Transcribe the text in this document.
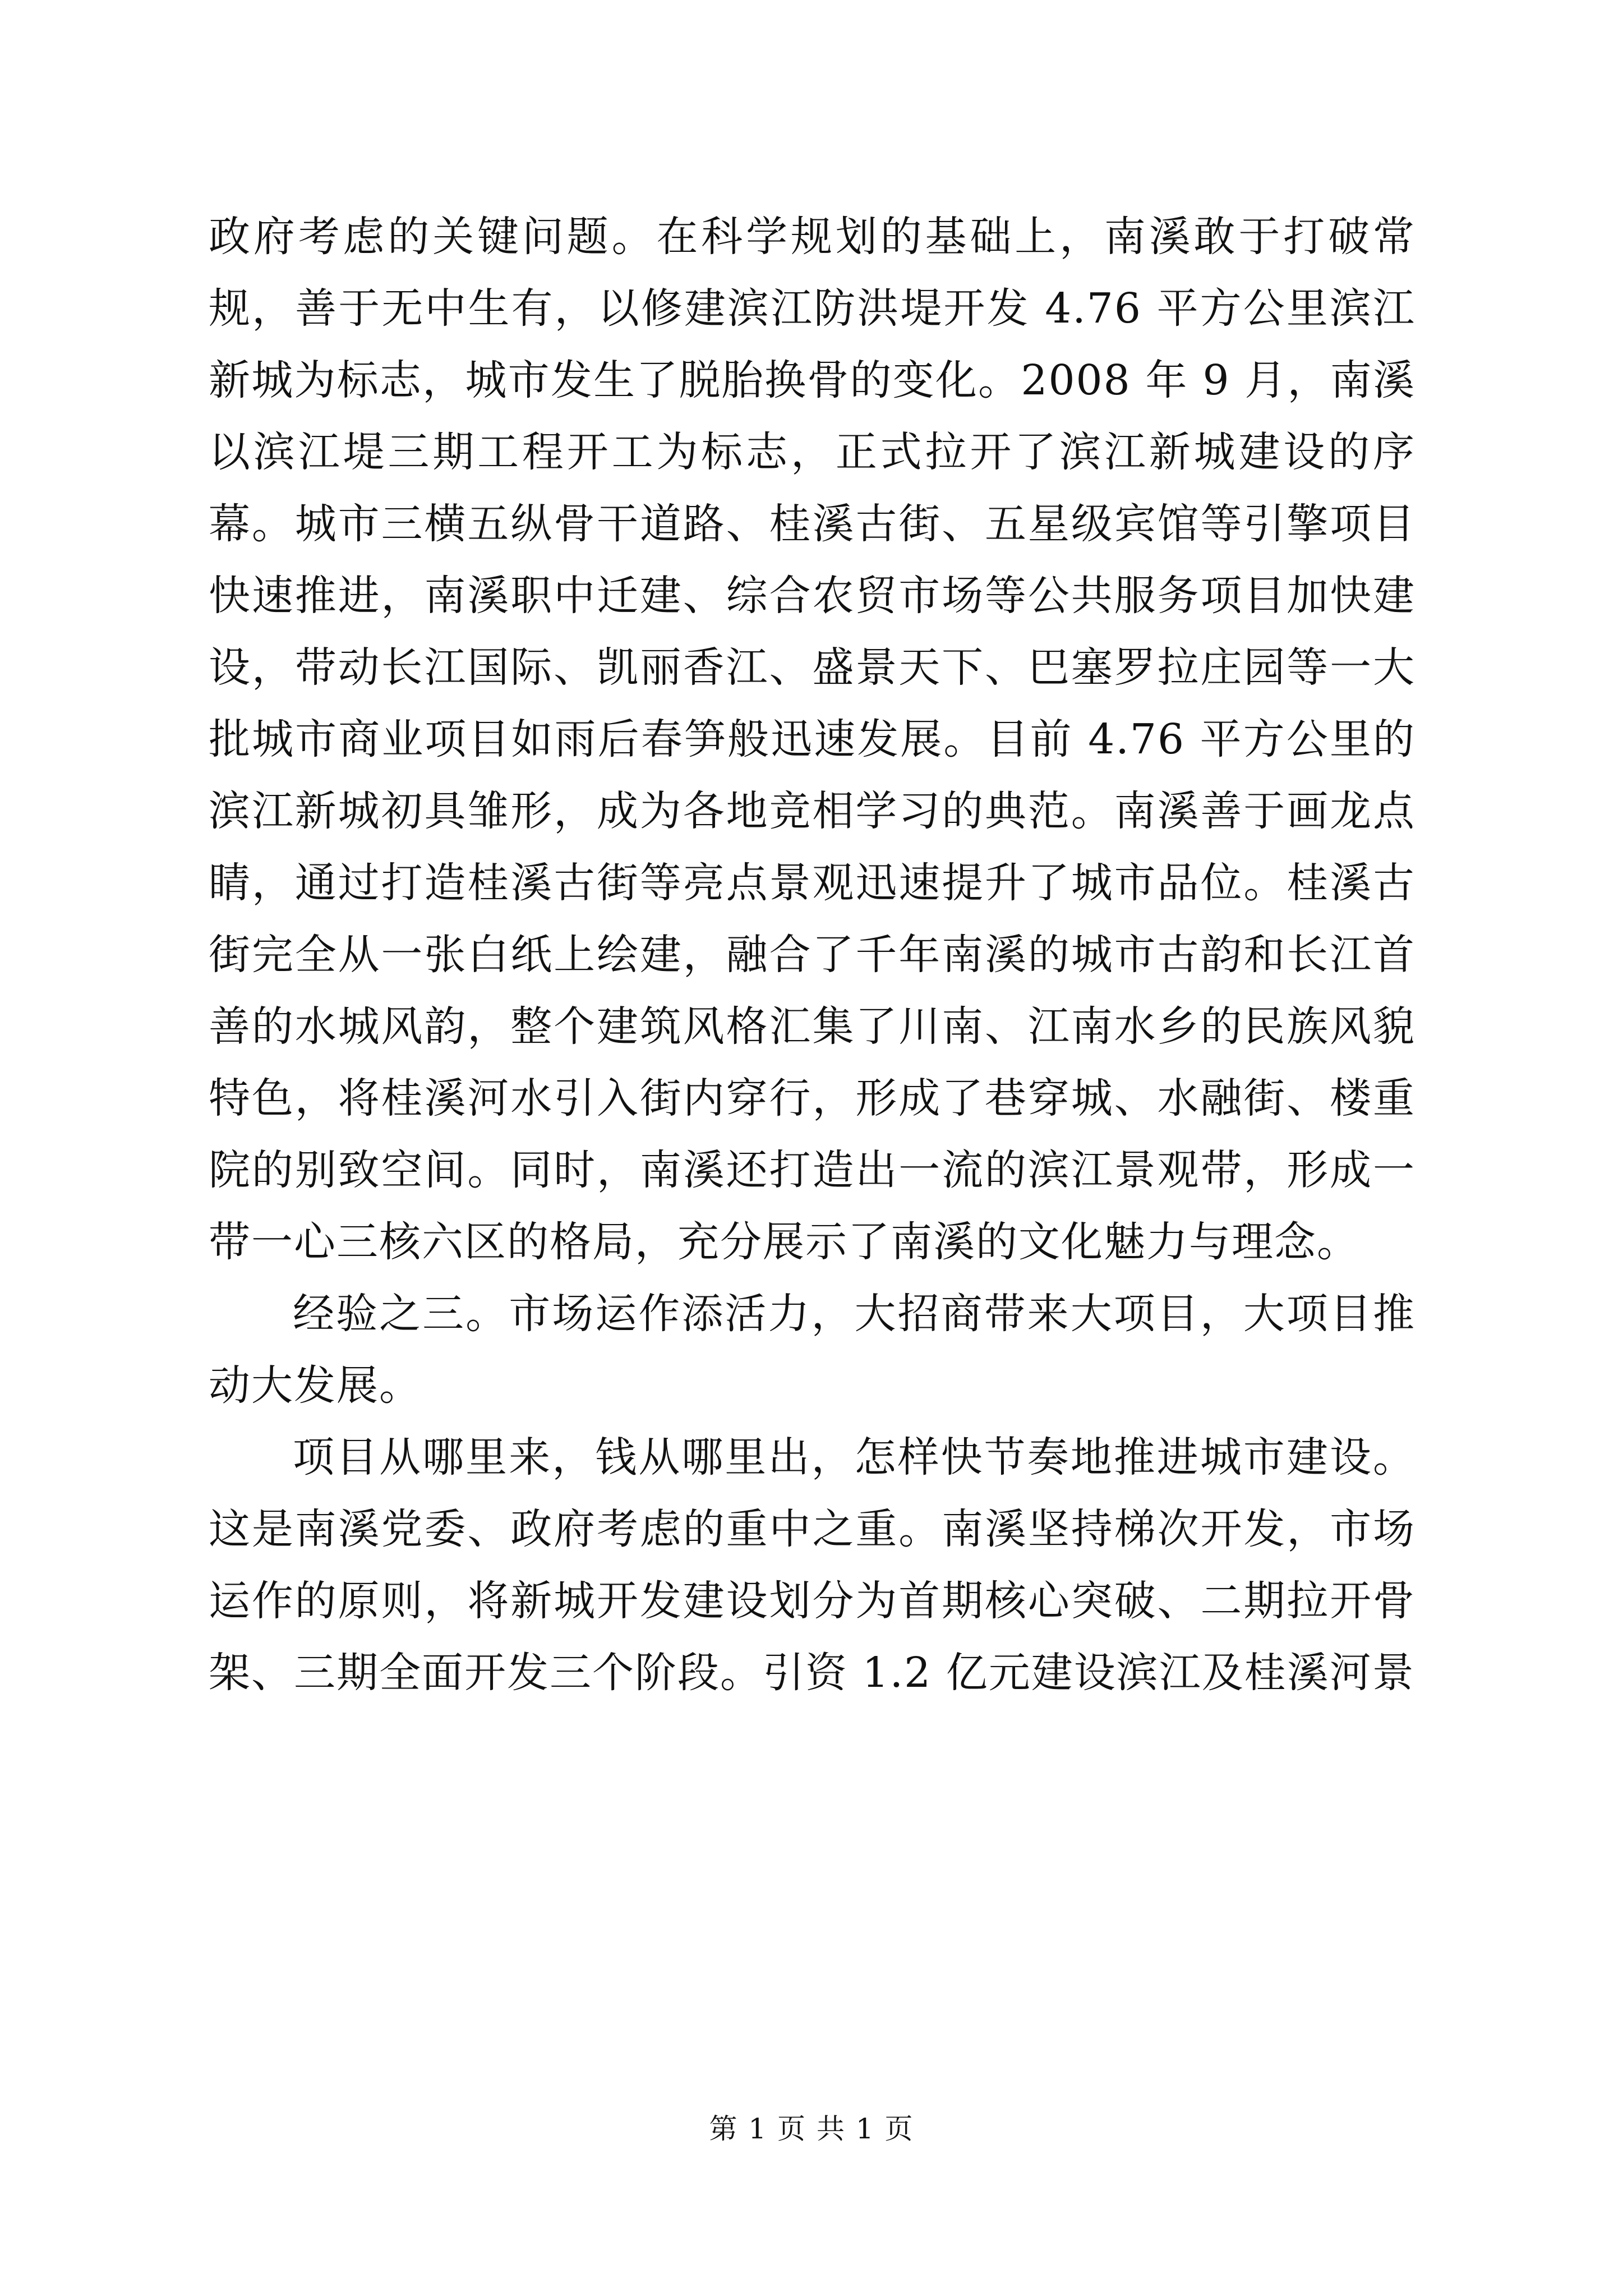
政府考虑的关键问题。在科学规划的基础上，南溪敢于打破常规，善于无中生有，以修建滨江防洪堤开发 4.76 平方公里滨江新城为标志，城市发生了脱胎换骨的变化。2008 年 9 月，南溪以滨江堤三期工程开工为标志，正式拉开了滨江新城建设的序幕。城市三横五纵骨干道路、桂溪古街、五星级宾馆等引擎项目快速推进，南溪职中迁建、综合农贸市场等公共服务项目加快建设，带动长江国际、凯丽香江、盛景天下、巴塞罗拉庄园等一大批城市商业项目如雨后春笋般迅速发展。目前 4.76 平方公里的滨江新城初具雏形，成为各地竞相学习的典范。南溪善于画龙点睛，通过打造桂溪古街等亮点景观迅速提升了城市品位。桂溪古街完全从一张白纸上绘建，融合了千年南溪的城市古韵和长江首善的水城风韵，整个建筑风格汇集了川南、江南水乡的民族风貌特色，将桂溪河水引入街内穿行，形成了巷穿城、水融街、楼重院的别致空间。同时，南溪还打造出一流的滨江景观带，形成一带一心三核六区的格局，充分展示了南溪的文化魅力与理念。

经验之三。市场运作添活力，大招商带来大项目，大项目推动大发展。

项目从哪里来，钱从哪里出，怎样快节奏地推进城市建设。这是南溪党委、政府考虑的重中之重。南溪坚持梯次开发，市场运作的原则，将新城开发建设划分为首期核心突破、二期拉开骨架、三期全面开发三个阶段。引资 1.2 亿元建设滨江及桂溪河景

第 1 页 共 1 页
